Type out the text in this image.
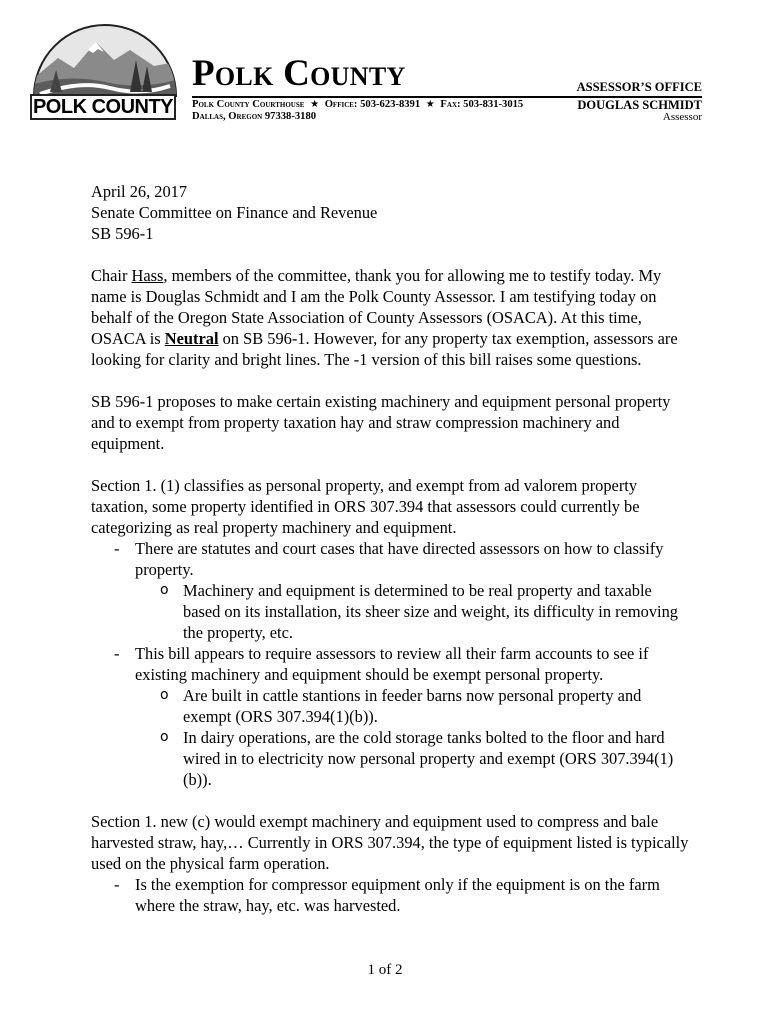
POLK COUNTY
Polk County
Polk County Courthouse ★ Office: 503-623-8391 ★ Fax: 503-831-3015
Dallas, Oregon 97338-3180
ASSESSOR’S OFFICE
DOUGLAS SCHMIDT
Assessor

April 26, 2017

Senate Committee on Finance and Revenue

SB 596-1

Chair Hass, members of the committee, thank you for allowing me to testify today. My name is Douglas Schmidt and I am the Polk County Assessor. I am testifying today on behalf of the Oregon State Association of County Assessors (OSACA). At this time, OSACA is Neutral on SB 596-1. However, for any property tax exemption, assessors are looking for clarity and bright lines. The -1 version of this bill raises some questions.

SB 596-1 proposes to make certain existing machinery and equipment personal property and to exempt from property taxation hay and straw compression machinery and equipment.

Section 1. (1) classifies as personal property, and exempt from ad valorem property taxation, some property identified in ORS 307.394 that assessors could currently be categorizing as real property machinery and equipment.

- There are statutes and court cases that have directed assessors on how to classify property.
o Machinery and equipment is determined to be real property and taxable based on its installation, its sheer size and weight, its difficulty in removing the property, etc.
- This bill appears to require assessors to review all their farm accounts to see if existing machinery and equipment should be exempt personal property.
o Are built in cattle stantions in feeder barns now personal property and exempt (ORS 307.394(1)(b)).
o In dairy operations, are the cold storage tanks bolted to the floor and hard wired in to electricity now personal property and exempt (ORS 307.394(1)(b)).

Section 1. new (c) would exempt machinery and equipment used to compress and bale harvested straw, hay,… Currently in ORS 307.394, the type of equipment listed is typically used on the physical farm operation.

- Is the exemption for compressor equipment only if the equipment is on the farm where the straw, hay, etc. was harvested.
1 of 2
